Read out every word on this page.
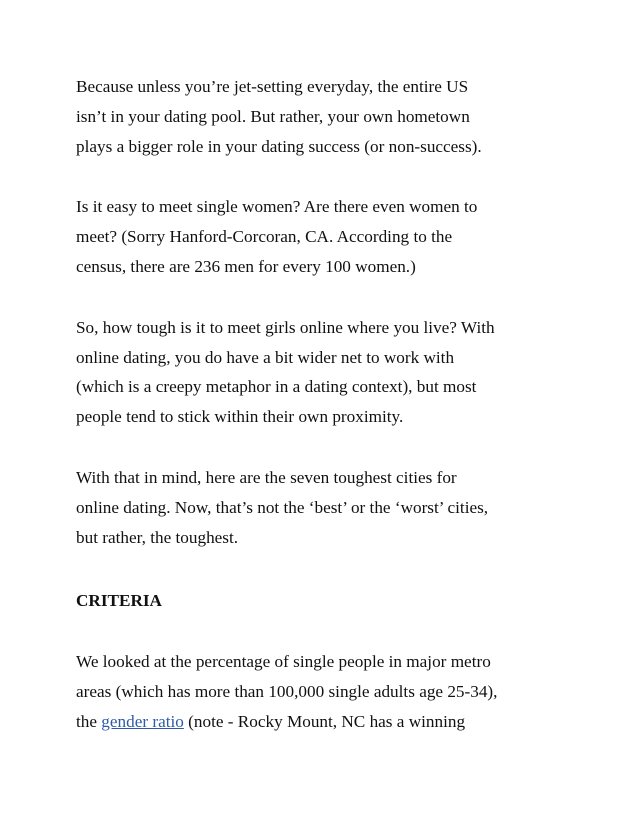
Because unless you’re jet-setting everyday, the entire US
isn’t in your dating pool. But rather, your own hometown
plays a bigger role in your dating success (or non-success).

Is it easy to meet single women? Are there even women to
meet? (Sorry Hanford-Corcoran, CA. According to the
census, there are 236 men for every 100 women.)

So, how tough is it to meet girls online where you live? With
online dating, you do have a bit wider net to work with
(which is a creepy metaphor in a dating context), but most
people tend to stick within their own proximity.

With that in mind, here are the seven toughest cities for
online dating. Now, that’s not the ‘best’ or the ‘worst’ cities,
but rather, the toughest.

CRITERIA

We looked at the percentage of single people in major metro
areas (which has more than 100,000 single adults age 25-34),
the gender ratio (note - Rocky Mount, NC has a winning
